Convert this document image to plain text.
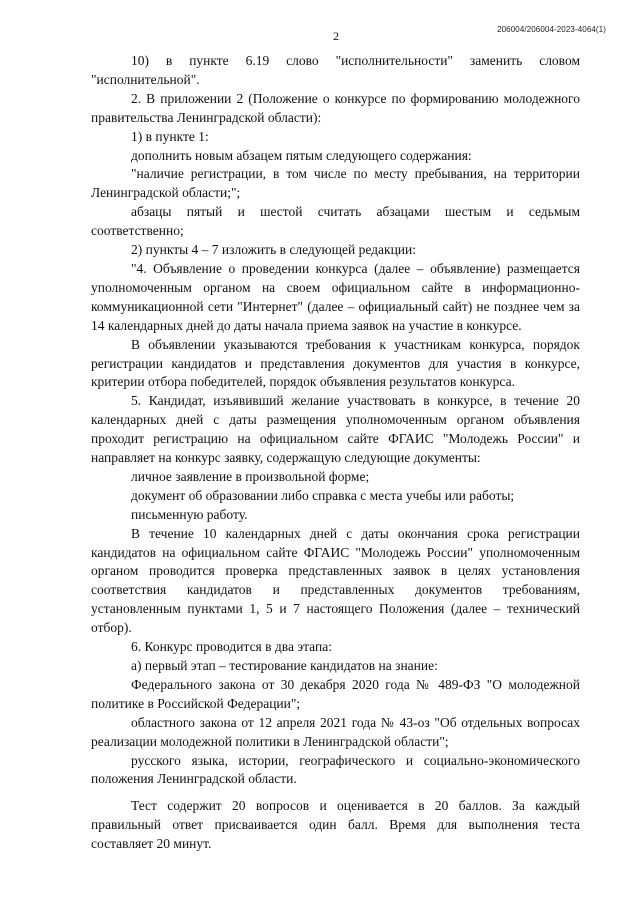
206004/206004-2023-4064(1)
2

10) в пункте 6.19 слово "исполнительности" заменить словом "исполнительной".

2. В приложении 2 (Положение о конкурсе по формированию молодежного правительства Ленинградской области):

1) в пункте 1:

дополнить новым абзацем пятым следующего содержания:

"наличие регистрации, в том числе по месту пребывания, на территории Ленинградской области;";

абзацы пятый и шестой считать абзацами шестым и седьмым соответственно;

2) пункты 4 – 7 изложить в следующей редакции:

"4. Объявление о проведении конкурса (далее – объявление) размещается уполномоченным органом на своем официальном сайте в информационно-коммуникационной сети "Интернет" (далее – официальный сайт) не позднее чем за 14 календарных дней до даты начала приема заявок на участие в конкурсе.

В объявлении указываются требования к участникам конкурса, порядок регистрации кандидатов и представления документов для участия в конкурсе, критерии отбора победителей, порядок объявления результатов конкурса.

5. Кандидат, изъявивший желание участвовать в конкурсе, в течение 20 календарных дней с даты размещения уполномоченным органом объявления проходит регистрацию на официальном сайте ФГАИС "Молодежь России" и направляет на конкурс заявку, содержащую следующие документы:

личное заявление в произвольной форме;

документ об образовании либо справка с места учебы или работы;

письменную работу.

В течение 10 календарных дней с даты окончания срока регистрации кандидатов на официальном сайте ФГАИС "Молодежь России" уполномоченным органом проводится проверка представленных заявок в целях установления соответствия кандидатов и представленных документов требованиям, установленным пунктами 1, 5 и 7 настоящего Положения (далее – технический отбор).

6. Конкурс проводится в два этапа:

а) первый этап – тестирование кандидатов на знание:

Федерального закона от 30 декабря 2020 года № 489-ФЗ "О молодежной политике в Российской Федерации";

областного закона от 12 апреля 2021 года № 43-оз "Об отдельных вопросах реализации молодежной политики в Ленинградской области";

русского языка, истории, географического и социально-экономического положения Ленинградской области.

Тест содержит 20 вопросов и оценивается в 20 баллов. За каждый правильный ответ присваивается один балл. Время для выполнения теста составляет 20 минут.
